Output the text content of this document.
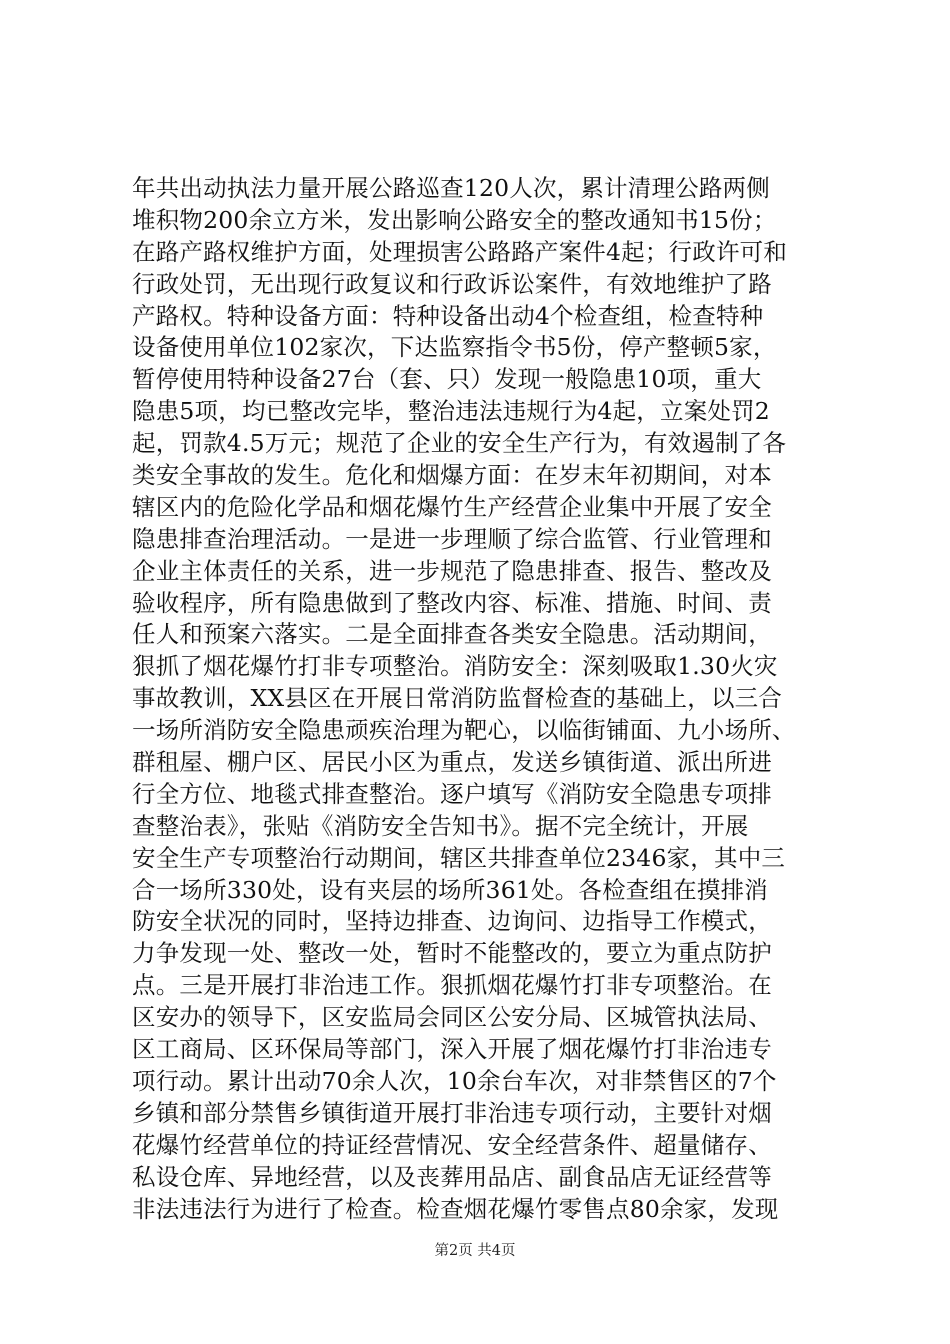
年共出动执法力量开展公路巡查120人次，累计清理公路两侧
堆积物200余立方米，发出影响公路安全的整改通知书15份；
在路产路权维护方面，处理损害公路路产案件4起；行政许可和
行政处罚，无出现行政复议和行政诉讼案件，有效地维护了路
产路权。特种设备方面：特种设备出动4个检查组，检查特种
设备使用单位102家次，下达监察指令书5份，停产整顿5家，
暂停使用特种设备27台（套、只）发现一般隐患10项，重大
隐患5项，均已整改完毕，整治违法违规行为4起，立案处罚2
起，罚款4.5万元；规范了企业的安全生产行为，有效遏制了各
类安全事故的发生。危化和烟爆方面：在岁末年初期间，对本
辖区内的危险化学品和烟花爆竹生产经营企业集中开展了安全
隐患排查治理活动。一是进一步理顺了综合监管、行业管理和
企业主体责任的关系，进一步规范了隐患排查、报告、整改及
验收程序，所有隐患做到了整改内容、标准、措施、时间、责
任人和预案六落实。二是全面排查各类安全隐患。活动期间，
狠抓了烟花爆竹打非专项整治。消防安全：深刻吸取1.30火灾
事故教训，XX县区在开展日常消防监督检查的基础上，以三合
一场所消防安全隐患顽疾治理为靶心，以临街铺面、九小场所、
群租屋、棚户区、居民小区为重点，发送乡镇街道、派出所进
行全方位、地毯式排查整治。逐户填写《消防安全隐患专项排
查整治表》，张贴《消防安全告知书》。据不完全统计，开展
安全生产专项整治行动期间，辖区共排查单位2346家，其中三
合一场所330处，设有夹层的场所361处。各检查组在摸排消
防安全状况的同时，坚持边排查、边询问、边指导工作模式，
力争发现一处、整改一处，暂时不能整改的，要立为重点防护
点。三是开展打非治违工作。狠抓烟花爆竹打非专项整治。在
区安办的领导下，区安监局会同区公安分局、区城管执法局、
区工商局、区环保局等部门，深入开展了烟花爆竹打非治违专
项行动。累计出动70余人次，10余台车次，对非禁售区的7个
乡镇和部分禁售乡镇街道开展打非治违专项行动，主要针对烟
花爆竹经营单位的持证经营情况、安全经营条件、超量储存、
私设仓库、异地经营，以及丧葬用品店、副食品店无证经营等
非法违法行为进行了检查。检查烟花爆竹零售点80余家，发现
第2页 共4页
